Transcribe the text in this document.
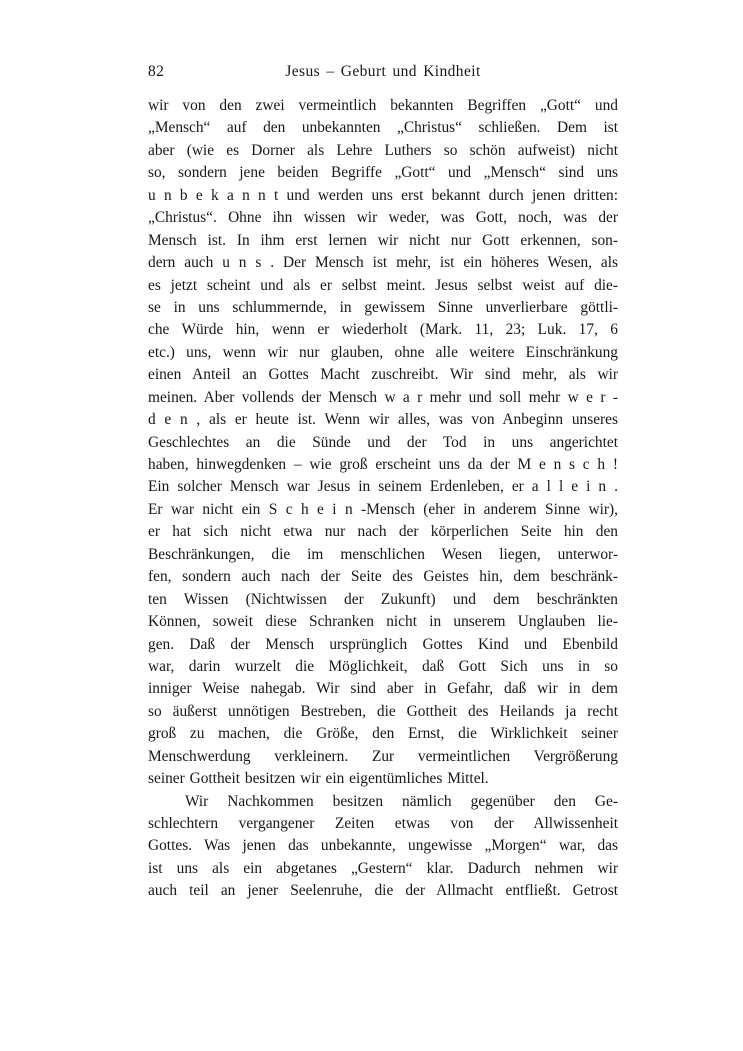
82	Jesus – Geburt und Kindheit
wir von den zwei vermeintlich bekannten Begriffen „Gott“ und
„Mensch“ auf den unbekannten „Christus“ schließen. Dem ist
aber (wie es Dorner als Lehre Luthers so schön aufweist) nicht
so, sondern jene beiden Begriffe „Gott“ und „Mensch“ sind uns
u n b e k a n n t und werden uns erst bekannt durch jenen dritten:
„Christus“. Ohne ihn wissen wir weder, was Gott, noch, was der
Mensch ist. In ihm erst lernen wir nicht nur Gott erkennen, son-
dern auch u n s . Der Mensch ist mehr, ist ein höheres Wesen, als
es jetzt scheint und als er selbst meint. Jesus selbst weist auf die-
se in uns schlummernde, in gewissem Sinne unverlierbare göttli-
che Würde hin, wenn er wiederholt (Mark. 11, 23; Luk. 17, 6
etc.) uns, wenn wir nur glauben, ohne alle weitere Einschränkung
einen Anteil an Gottes Macht zuschreibt. Wir sind mehr, als wir
meinen. Aber vollends der Mensch w a r mehr und soll mehr w e r -
d e n , als er heute ist. Wenn wir alles, was von Anbeginn unseres
Geschlechtes an die Sünde und der Tod in uns angerichtet
haben, hinwegdenken – wie groß erscheint uns da der M e n s c h !
Ein solcher Mensch war Jesus in seinem Erdenleben, er a l l e i n .
Er war nicht ein S c h e i n -Mensch (eher in anderem Sinne wir),
er hat sich nicht etwa nur nach der körperlichen Seite hin den
Beschränkungen, die im menschlichen Wesen liegen, unterwor-
fen, sondern auch nach der Seite des Geistes hin, dem beschränk-
ten Wissen (Nichtwissen der Zukunft) und dem beschränkten
Können, soweit diese Schranken nicht in unserem Unglauben lie-
gen. Daß der Mensch ursprünglich Gottes Kind und Ebenbild
war, darin wurzelt die Möglichkeit, daß Gott Sich uns in so
inniger Weise nahegab. Wir sind aber in Gefahr, daß wir in dem
so äußerst unnötigen Bestreben, die Gottheit des Heilands ja recht
groß zu machen, die Größe, den Ernst, die Wirklichkeit seiner
Menschwerdung verkleinern. Zur vermeintlichen Vergrößerung
seiner Gottheit besitzen wir ein eigentümliches Mittel.
Wir Nachkommen besitzen nämlich gegenüber den Ge-
schlechtern vergangener Zeiten etwas von der Allwissenheit
Gottes. Was jenen das unbekannte, ungewisse „Morgen“ war, das
ist uns als ein abgetanes „Gestern“ klar. Dadurch nehmen wir
auch teil an jener Seelenruhe, die der Allmacht entfließt. Getrost
